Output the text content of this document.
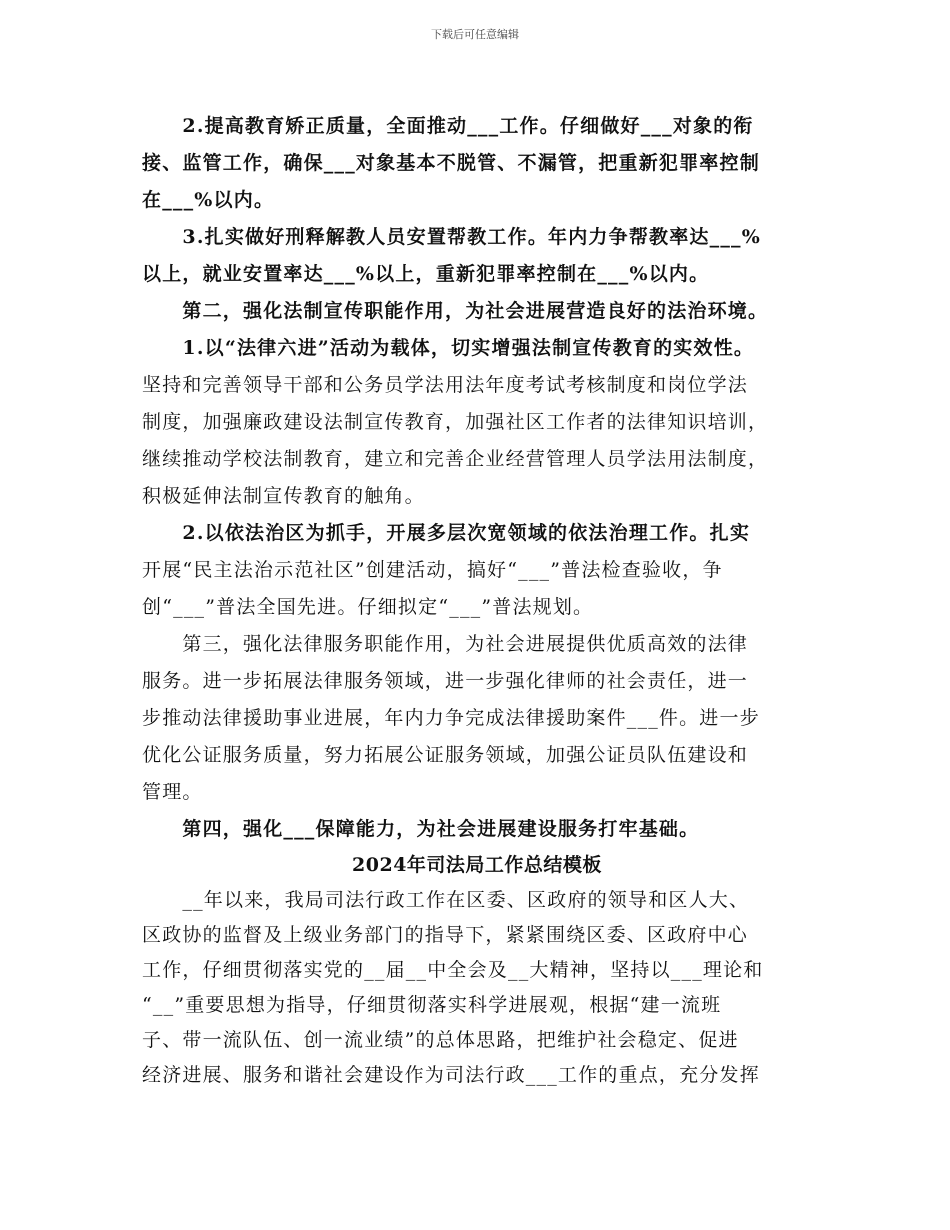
下载后可任意编辑
　　2.提高教育矫正质量，全面推动___工作。仔细做好___对象的衔
接、监管工作，确保___对象基本不脱管、不漏管，把重新犯罪率控制
在___%以内。
　　3.扎实做好刑释解教人员安置帮教工作。年内力争帮教率达___%
以上，就业安置率达___%以上，重新犯罪率控制在___%以内。
　　第二，强化法制宣传职能作用，为社会进展营造良好的法治环境。
　　1.以“法律六进”活动为载体，切实增强法制宣传教育的实效性。
坚持和完善领导干部和公务员学法用法年度考试考核制度和岗位学法
制度，加强廉政建设法制宣传教育，加强社区工作者的法律知识培训，
继续推动学校法制教育，建立和完善企业经营管理人员学法用法制度，
积极延伸法制宣传教育的触角。
　　2.以依法治区为抓手，开展多层次宽领域的依法治理工作。扎实
开展“民主法治示范社区”创建活动，搞好“___”普法检查验收，争
创“___”普法全国先进。仔细拟定“___”普法规划。
　　第三，强化法律服务职能作用，为社会进展提供优质高效的法律
服务。进一步拓展法律服务领域，进一步强化律师的社会责任，进一
步推动法律援助事业进展，年内力争完成法律援助案件___件。进一步
优化公证服务质量，努力拓展公证服务领域，加强公证员队伍建设和
管理。
　　第四，强化___保障能力，为社会进展建设服务打牢基础。
2024年司法局工作总结模板
　　__年以来，我局司法行政工作在区委、区政府的领导和区人大、
区政协的监督及上级业务部门的指导下，紧紧围绕区委、区政府中心
工作，仔细贯彻落实党的__届__中全会及__大精神，坚持以___理论和
“__”重要思想为指导，仔细贯彻落实科学进展观，根据“建一流班
子、带一流队伍、创一流业绩”的总体思路，把维护社会稳定、促进
经济进展、服务和谐社会建设作为司法行政___工作的重点，充分发挥
